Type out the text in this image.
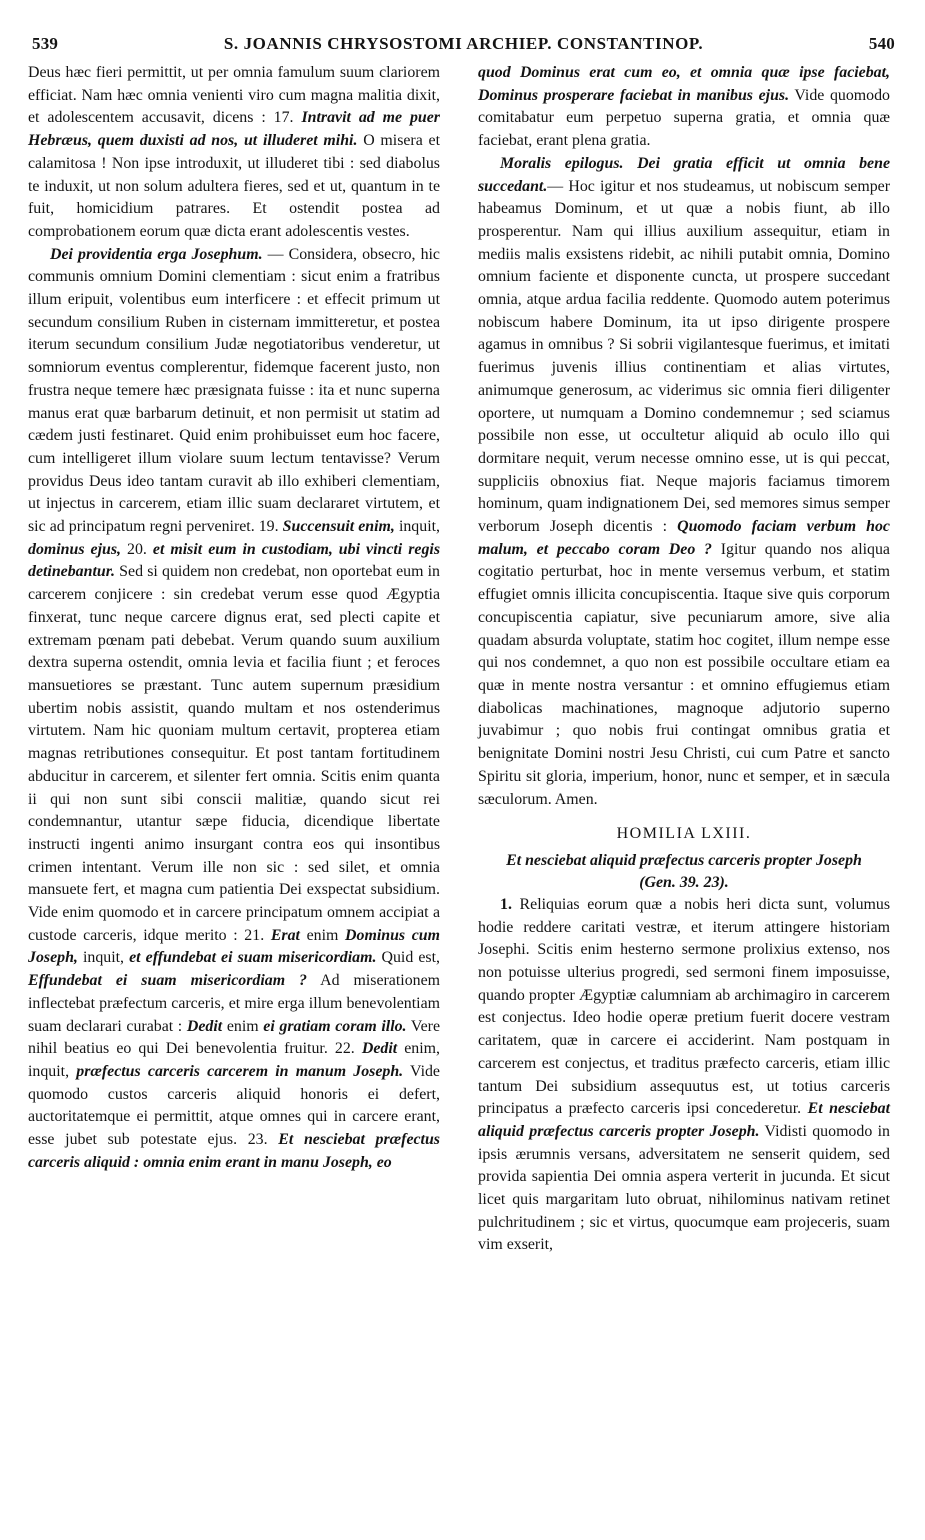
539	S. JOANNIS CHRYSOSTOMI ARCHIEP. CONSTANTINOP.	540

Deus hæc fieri permittit, ut per omnia famulum suum clariorem efficiat. Nam hæc omnia venienti viro cum magna malitia dixit, et adolescentem accusavit, dicens : 17. Intravit ad me puer Hebræus, quem duxisti ad nos, ut illuderet mihi. O misera et calamitosa ! Non ipse introduxit, ut illuderet tibi : sed diabolus te induxit, ut non solum adultera fieres, sed et ut, quantum in te fuit, homicidium patrares. Et ostendit postea ad comprobationem eorum quæ dicta erant adolescentis vestes.

Dei providentia erga Josephum. — Considera, obsecro, hic communis omnium Domini clementiam : sicut enim a fratribus illum eripuit, volentibus eum interficere : et effecit primum ut secundum consilium Ruben in cisternam immitteretur, et postea iterum secundum consilium Judæ negotiatoribus venderetur, ut somniorum eventus complerentur, fidemque facerent justo, non frustra neque temere hæc præsignata fuisse : ita et nunc superna manus erat quæ barbarum detinuit, et non permisit ut statim ad cædem justi festinaret. Quid enim prohibuisset eum hoc facere, cum intelligeret illum violare suum lectum tentavisse? Verum providus Deus ideo tantam curavit ab illo exhiberi clementiam, ut injectus in carcerem, etiam illic suam declararet virtutem, et sic ad principatum regni perveniret. 19. Succensuit enim, inquit, dominus ejus, 20. et misit eum in custodiam, ubi vincti regis detinebantur. Sed si quidem non credebat, non oportebat eum in carcerem conjicere : sin credebat verum esse quod Ægyptia finxerat, tunc neque carcere dignus erat, sed plecti capite et extremam pœnam pati debebat. Verum quando suum auxilium dextra superna ostendit, omnia levia et facilia fiunt ; et feroces mansuetiores se præstant. Tunc autem supernum præsidium ubertim nobis assistit, quando multam et nos ostenderimus virtutem. Nam hic quoniam multum certavit, propterea etiam magnas retributiones consequitur. Et post tantam fortitudinem abducitur in carcerem, et silenter fert omnia. Scitis enim quanta ii qui non sunt sibi conscii malitiæ, quando sicut rei condemnantur, utantur sæpe fiducia, dicendique libertate instructi ingenti animo insurgant contra eos qui insontibus crimen intentant. Verum ille non sic : sed silet, et omnia mansuete fert, et magna cum patientia Dei exspectat subsidium. Vide enim quomodo et in carcere principatum omnem accipiat a custode carceris, idque merito : 21. Erat enim Dominus cum Joseph, inquit, et effundebat ei suam misericordiam. Quid est, Effundebat ei suam misericordiam ? Ad miserationem inflectebat præfectum carceris, et mire erga illum benevolentiam suam declarari curabat : Dedit enim ei gratiam coram illo. Vere nihil beatius eo qui Dei benevolentia fruitur. 22. Dedit enim, inquit, præfectus carceris carcerem in manum Joseph. Vide quomodo custos carceris aliquid honoris ei defert, auctoritatemque ei permittit, atque omnes qui in carcere erant, esse jubet sub potestate ejus. 23. Et nesciebat præfectus carceris aliquid : omnia enim erant in manu Joseph, eo

quod Dominus erat cum eo, et omnia quæ ipse faciebat, Dominus prosperare faciebat in manibus ejus. Vide quomodo comitabatur eum perpetuo superna gratia, et omnia quæ faciebat, erant plena gratia.

Moralis epilogus. Dei gratia efficit ut omnia bene succedant.— Hoc igitur et nos studeamus, ut nobiscum semper habeamus Dominum, et ut quæ a nobis fiunt, ab illo prosperentur. Nam qui illius auxilium assequitur, etiam in mediis malis exsistens ridebit, ac nihili putabit omnia, Domino omnium faciente et disponente cuncta, ut prospere succedant omnia, atque ardua facilia reddente. Quomodo autem poterimus nobiscum habere Dominum, ita ut ipso dirigente prospere agamus in omnibus ? Si sobrii vigilantesque fuerimus, et imitati fuerimus juvenis illius continentiam et alias virtutes, animumque generosum, ac viderimus sic omnia fieri diligenter oportere, ut numquam a Domino condemnemur ; sed sciamus possibile non esse, ut occultetur aliquid ab oculo illo qui dormitare nequit, verum necesse omnino esse, ut is qui peccat, suppliciis obnoxius fiat. Neque majoris faciamus timorem hominum, quam indignationem Dei, sed memores simus semper verborum Joseph dicentis : Quomodo faciam verbum hoc malum, et peccabo coram Deo ? Igitur quando nos aliqua cogitatio perturbat, hoc in mente versemus verbum, et statim effugiet omnis illicita concupiscentia. Itaque sive quis corporum concupiscentia capiatur, sive pecuniarum amore, sive alia quadam absurda voluptate, statim hoc cogitet, illum nempe esse qui nos condemnet, a quo non est possibile occultare etiam ea quæ in mente nostra versantur : et omnino effugiemus etiam diabolicas machinationes, magnoque adjutorio superno juvabimur ; quo nobis frui contingat omnibus gratia et benignitate Domini nostri Jesu Christi, cui cum Patre et sancto Spiritu sit gloria, imperium, honor, nunc et semper, et in sæcula sæculorum. Amen.

HOMILIA LXIII.

Et nesciebat aliquid præfectus carceris propter Joseph
(Gen. 39. 23).

1. Reliquias eorum quæ a nobis heri dicta sunt, volumus hodie reddere caritati vestræ, et iterum attingere historiam Josephi. Scitis enim hesterno sermone prolixius extenso, nos non potuisse ulterius progredi, sed sermoni finem imposuisse, quando propter Ægyptiæ calumniam ab archimagiro in carcerem est conjectus. Ideo hodie operæ pretium fuerit docere vestram caritatem, quæ in carcere ei acciderint. Nam postquam in carcerem est conjectus, et traditus præfecto carceris, etiam illic tantum Dei subsidium assequutus est, ut totius carceris principatus a præfecto carceris ipsi concederetur. Et nesciebat aliquid præfectus carceris propter Joseph. Vidisti quomodo in ipsis ærumnis versans, adversitatem ne senserit quidem, sed provida sapientia Dei omnia aspera verterit in jucunda. Et sicut licet quis margaritam luto obruat, nihilominus nativam retinet pulchritudinem ; sic et virtus, quocumque eam projeceris, suam vim exserit,
